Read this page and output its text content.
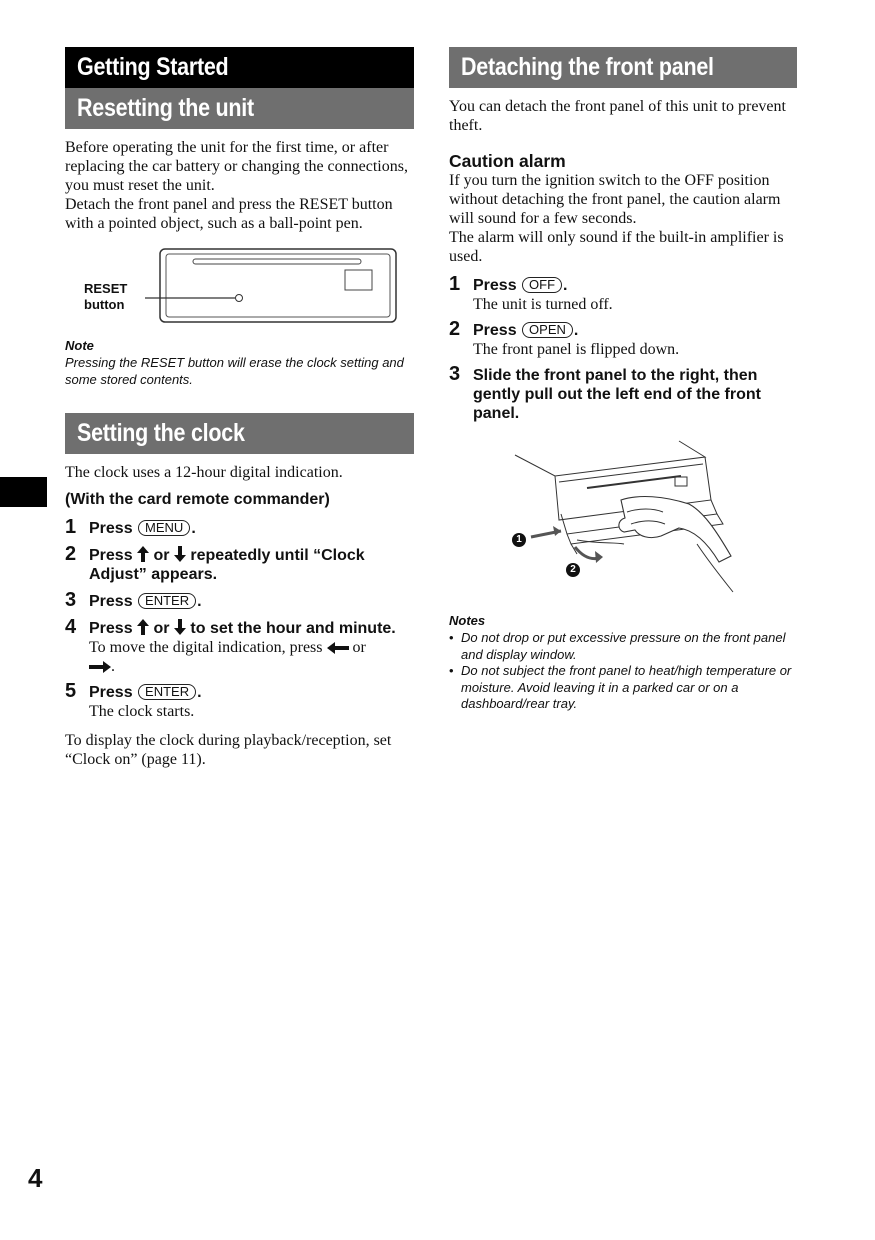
Getting Started
Resetting the unit

Before operating the unit for the first time, or after replacing the car battery or changing the connections, you must reset the unit.

Detach the front panel and press the RESET button with a pointed object, such as a ball-point pen.

RESET
button
Note

Pressing the RESET button will erase the clock setting and some stored contents.

Setting the clock

The clock uses a 12-hour digital indication.

(With the card remote commander)

1 Press MENU .
2 Press or repeatedly until “Clock Adjust” appears.
3 Press ENTER .
4 Press or to set the hour and minute.
To move the digital indication, press or
.
5 Press ENTER .
The clock starts.

To display the clock during playback/reception, set “Clock on” (page 11).

Detaching the front panel

You can detach the front panel of this unit to prevent theft.

Caution alarm

If you turn the ignition switch to the OFF position without detaching the front panel, the caution alarm will sound for a few seconds.

The alarm will only sound if the built-in amplifier is used.

1 Press OFF .
The unit is turned off.
2 Press OPEN .
The front panel is flipped down.
3 Slide the front panel to the right, then gently pull out the left end of the front panel.
1
2
Notes

• Do not drop or put excessive pressure on the front panel and display window.

• Do not subject the front panel to heat/high temperature or moisture. Avoid leaving it in a parked car or on a dashboard/rear tray.

4
